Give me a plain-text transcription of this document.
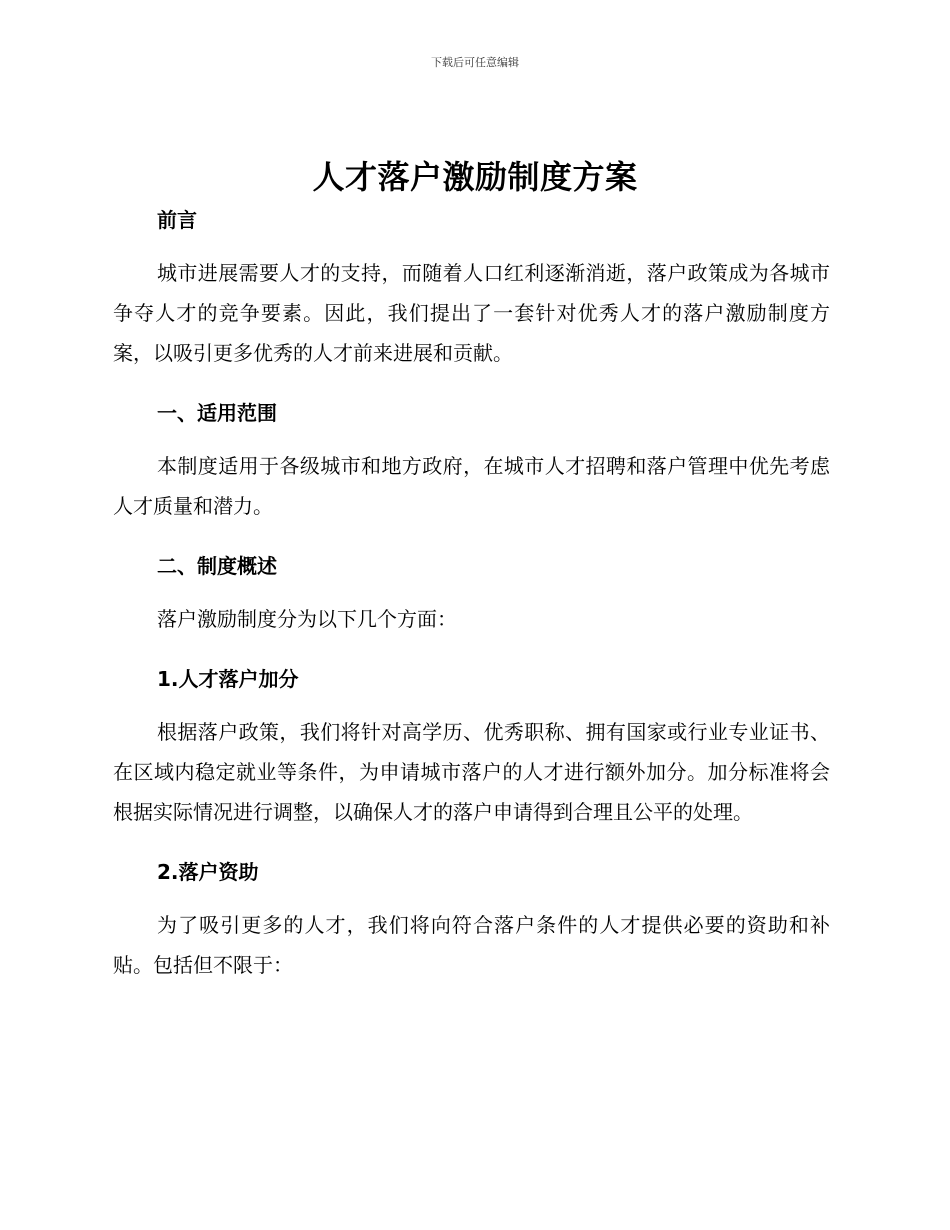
下载后可任意编辑
人才落户激励制度方案

前言

城市进展需要人才的支持，而随着人口红利逐渐消逝，落户政策成为各城市争夺人才的竞争要素。因此，我们提出了一套针对优秀人才的落户激励制度方案，以吸引更多优秀的人才前来进展和贡献。

一、适用范围

本制度适用于各级城市和地方政府，在城市人才招聘和落户管理中优先考虑人才质量和潜力。

二、制度概述

落户激励制度分为以下几个方面：

1.人才落户加分

根据落户政策，我们将针对高学历、优秀职称、拥有国家或行业专业证书、在区域内稳定就业等条件，为申请城市落户的人才进行额外加分。加分标准将会根据实际情况进行调整，以确保人才的落户申请得到合理且公平的处理。

2.落户资助

为了吸引更多的人才，我们将向符合落户条件的人才提供必要的资助和补贴。包括但不限于：
